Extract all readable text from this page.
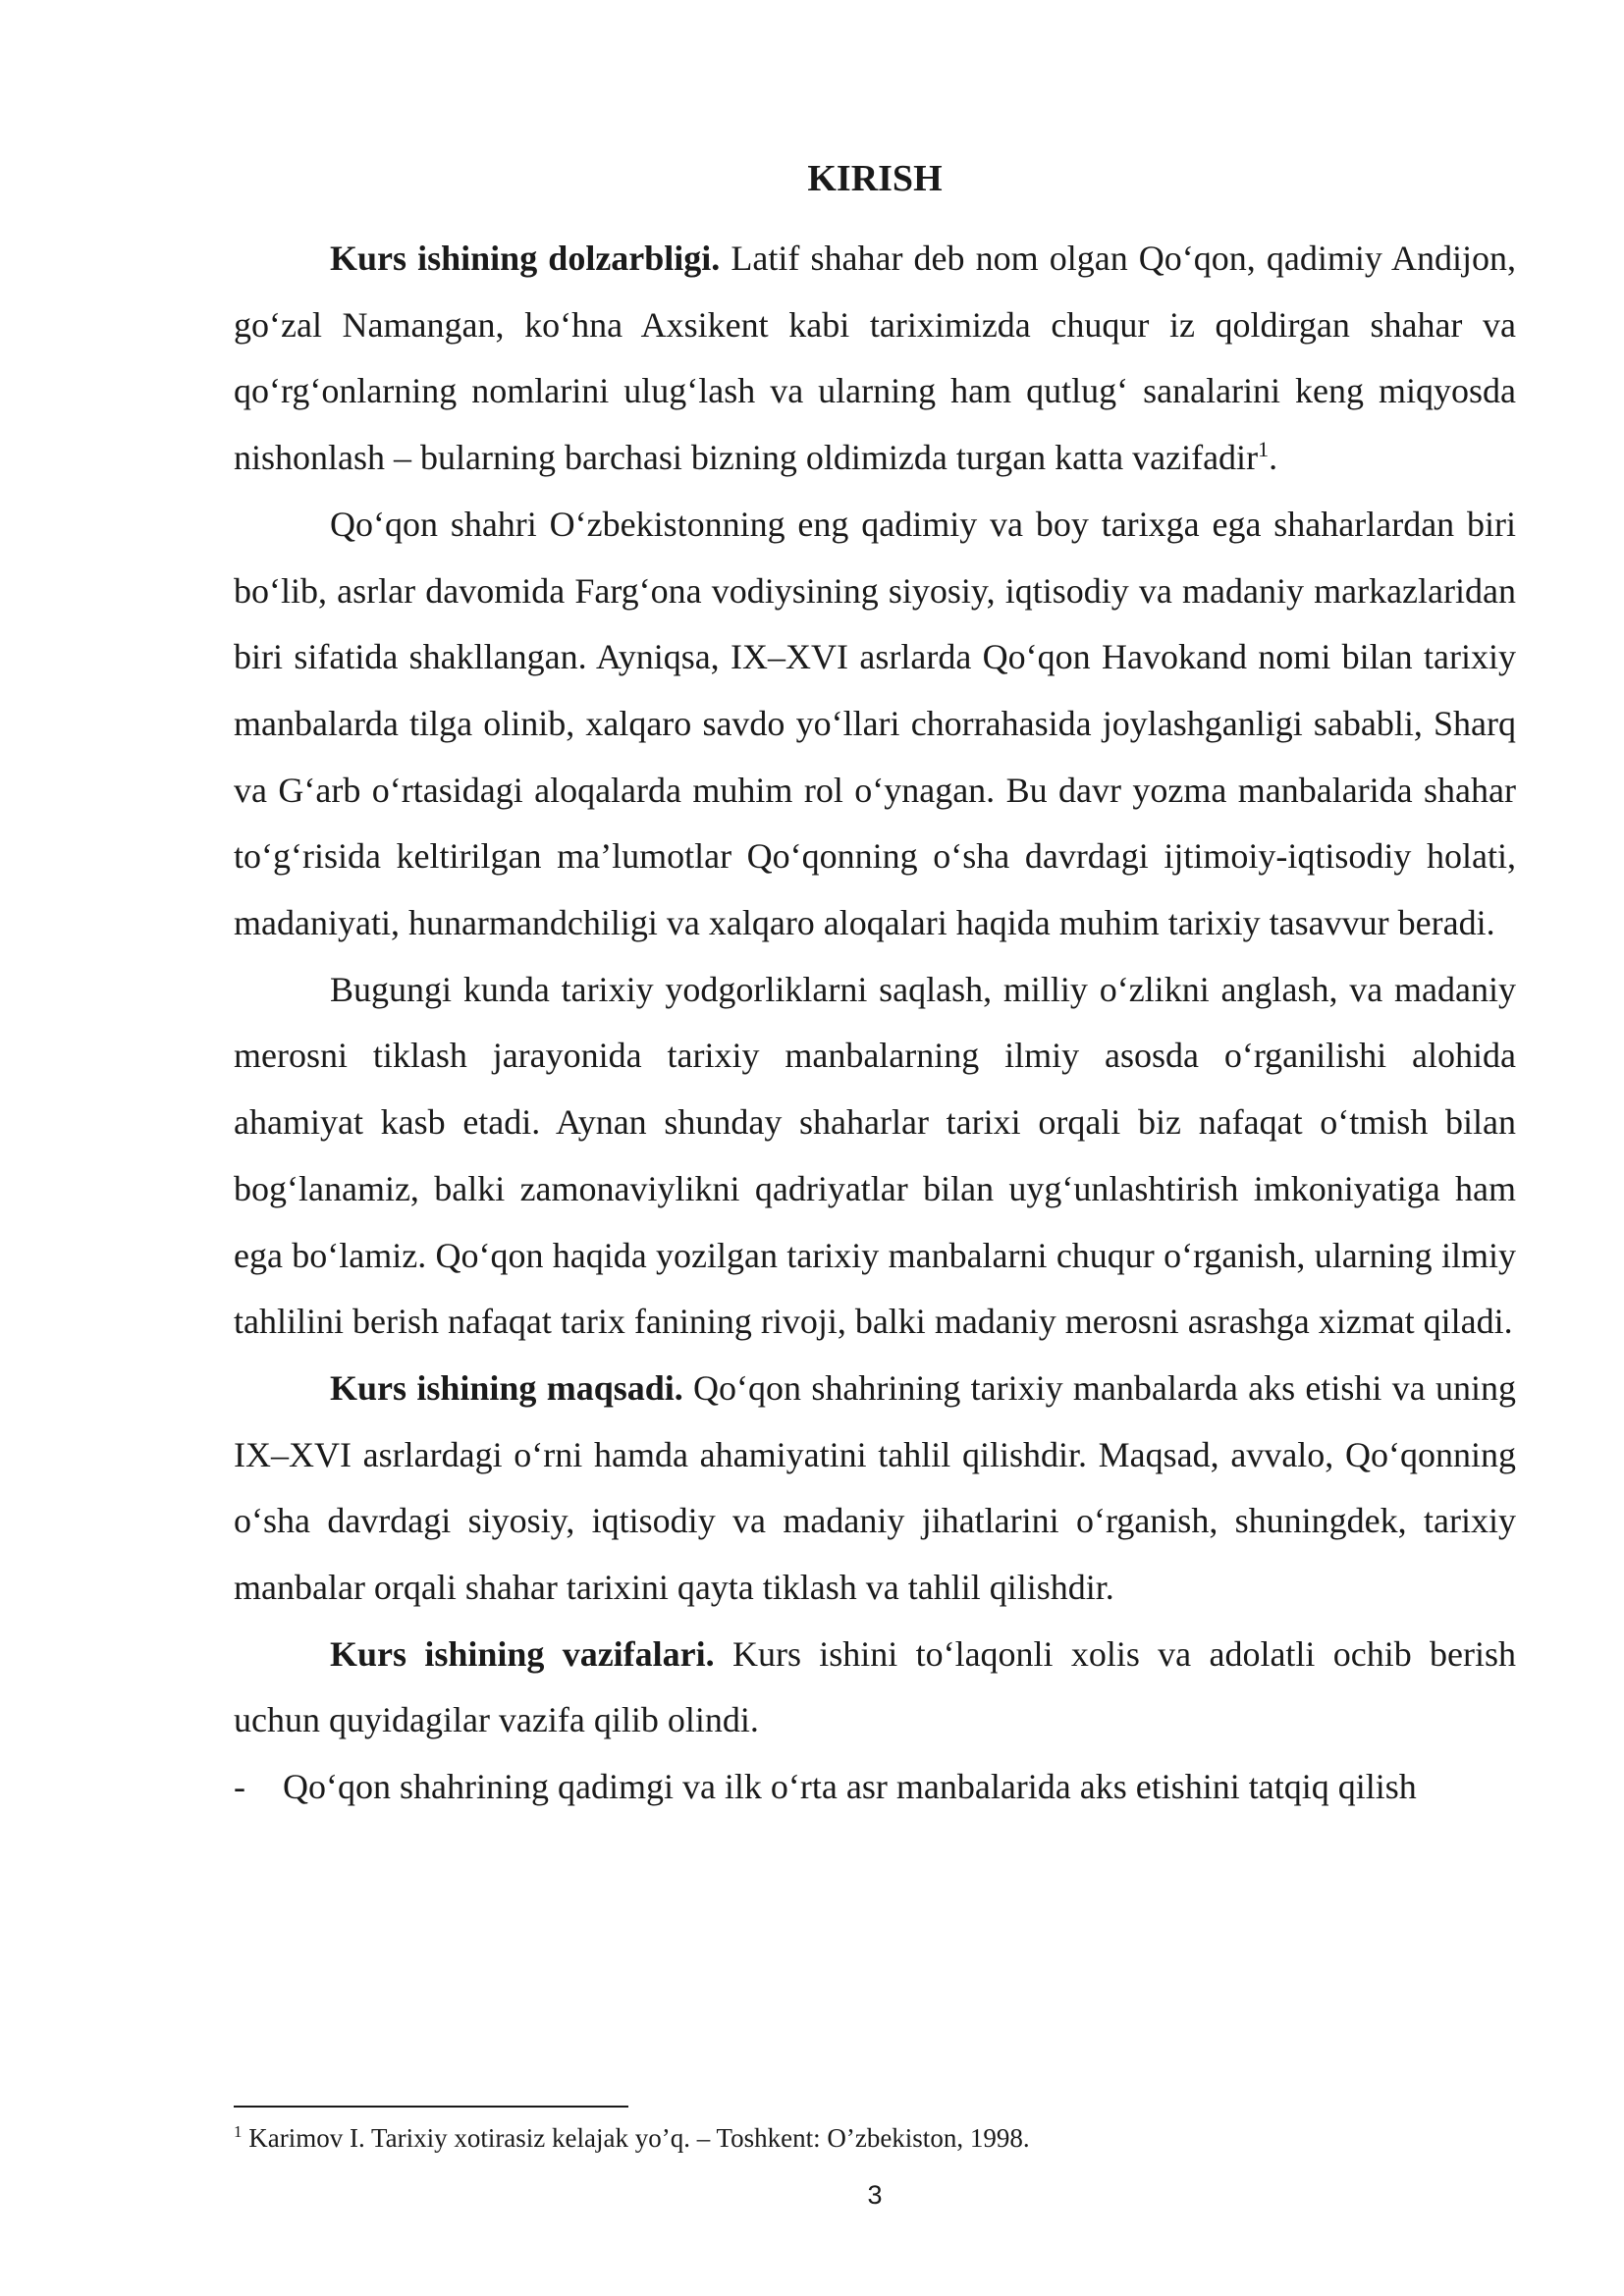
KIRISH

Kurs ishining dolzarbligi. Latif shahar deb nom olgan Qo‘qon, qadimiy Andijon, go‘zal Namangan, ko‘hna Axsikent kabi tariximizda chuqur iz qoldirgan shahar va qo‘rg‘onlarning nomlarini ulug‘lash va ularning ham qutlug‘ sanalarini keng miqyosda nishonlash – bularning barchasi bizning oldimizda turgan katta vazifadir$^1$.

Qo‘qon shahri O‘zbekistonning eng qadimiy va boy tarixga ega shaharlardan biri bo‘lib, asrlar davomida Farg‘ona vodiysining siyosiy, iqtisodiy va madaniy markazlaridan biri sifatida shakllangan. Ayniqsa, IX–XVI asrlarda Qo‘qon Havokand nomi bilan tarixiy manbalarda tilga olinib, xalqaro savdo yo‘llari chorrahasida joylashganligi sababli, Sharq va G‘arb o‘rtasidagi aloqalarda muhim rol o‘ynagan. Bu davr yozma manbalarida shahar to‘g‘risida keltirilgan ma’lumotlar Qo‘qonning o‘sha davrdagi ijtimoiy-iqtisodiy holati, madaniyati, hunarmandchiligi va xalqaro aloqalari haqida muhim tarixiy tasavvur beradi.

Bugungi kunda tarixiy yodgorliklarni saqlash, milliy o‘zlikni anglash, va madaniy merosni tiklash jarayonida tarixiy manbalarning ilmiy asosda o‘rganilishi alohida ahamiyat kasb etadi. Aynan shunday shaharlar tarixi orqali biz nafaqat o‘tmish bilan bog‘lanamiz, balki zamonaviylikni qadriyatlar bilan uyg‘unlashtirish imkoniyatiga ham ega bo‘lamiz. Qo‘qon haqida yozilgan tarixiy manbalarni chuqur o‘rganish, ularning ilmiy tahlilini berish nafaqat tarix fanining rivoji, balki madaniy merosni asrashga xizmat qiladi.

Kurs ishining maqsadi. Qo‘qon shahrining tarixiy manbalarda aks etishi va uning IX–XVI asrlardagi o‘rni hamda ahamiyatini tahlil qilishdir. Maqsad, avvalo, Qo‘qonning o‘sha davrdagi siyosiy, iqtisodiy va madaniy jihatlarini o‘rganish, shuningdek, tarixiy manbalar orqali shahar tarixini qayta tiklash va tahlil qilishdir.

Kurs ishining vazifalari. Kurs ishini to‘laqonli xolis va adolatli ochib berish uchun quyidagilar vazifa qilib olindi.

- Qo‘qon shahrining qadimgi va ilk o‘rta asr manbalarida aks etishini tatqiq qilish

$^1$ Karimov I. Tarixiy xotirasiz kelajak yo’q. – Toshkent: O’zbekiston, 1998.

3
